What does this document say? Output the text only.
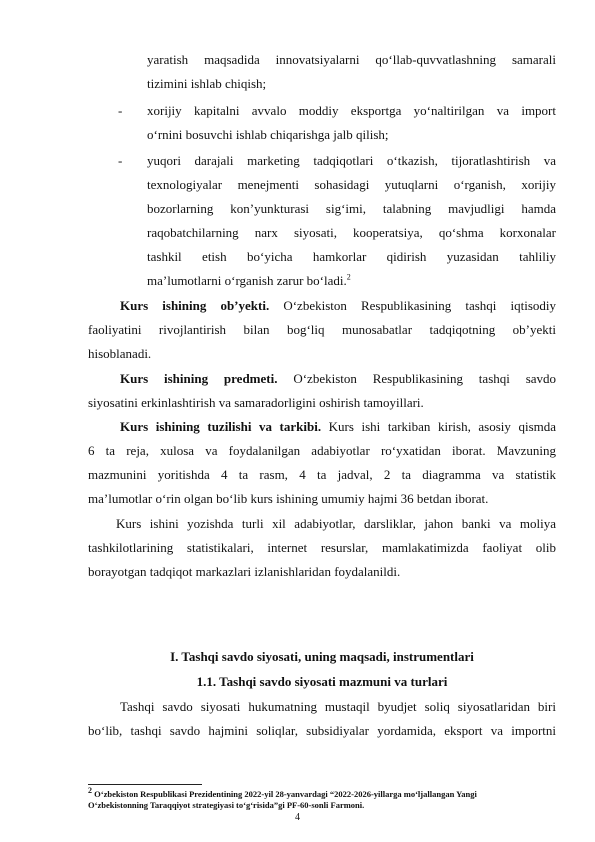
yaratish maqsadida innovatsiyalarni qo‘llab-quvvatlashning samarali
tizimini ishlab chiqish;
- xorijiy kapitalni avvalo moddiy eksportga yo‘naltirilgan va import
o‘rnini bosuvchi ishlab chiqarishga jalb qilish;
- yuqori darajali marketing tadqiqotlari o‘tkazish, tijoratlashtirish va
texnologiyalar menejmenti sohasidagi yutuqlarni o‘rganish, xorijiy
bozorlarning kon’yunkturasi sig‘imi, talabning mavjudligi hamda
raqobatchilarning narx siyosati, kooperatsiya, qo‘shma korxonalar
tashkil etish bo‘yicha hamkorlar qidirish yuzasidan tahliliy
ma’lumotlarni o‘rganish zarur bo‘ladi.$^2$
Kurs ishining ob’yekti. O‘zbekiston Respublikasining tashqi iqtisodiy
faoliyatini rivojlantirish bilan bog‘liq munosabatlar tadqiqotning ob’yekti
hisoblanadi.
Kurs ishining predmeti. O‘zbekiston Respublikasining tashqi savdo
siyosatini erkinlashtirish va samaradorligini oshirish tamoyillari.
Kurs ishining tuzilishi va tarkibi. Kurs ishi tarkiban kirish, asosiy qismda
6 ta reja, xulosa va foydalanilgan adabiyotlar ro‘yxatidan iborat. Mavzuning
mazmunini yoritishda 4 ta rasm, 4 ta jadval, 2 ta diagramma va statistik
ma’lumotlar o‘rin olgan bo‘lib kurs ishining umumiy hajmi 36 betdan iborat.
Kurs ishini yozishda turli xil adabiyotlar, darsliklar, jahon banki va moliya
tashkilotlarining statistikalari, internet resurslar, mamlakatimizda faoliyat olib
borayotgan tadqiqot markazlari izlanishlaridan foydalanildi.
I. Tashqi savdo siyosati, uning maqsadi, instrumentlari
1.1. Tashqi savdo siyosati mazmuni va turlari
Tashqi savdo siyosati hukumatning mustaqil byudjet soliq siyosatlaridan biri
bo‘lib, tashqi savdo hajmini soliqlar, subsidiyalar yordamida, eksport va importni
$^2$ O‘zbekiston Respublikasi Prezidentining 2022-yil 28-yanvardagi “2022-2026-yillarga mo‘ljallangan Yangi
O‘zbekistonning Taraqqiyot strategiyasi to‘g‘risida”gi PF-60-sonli Farmoni.
4
